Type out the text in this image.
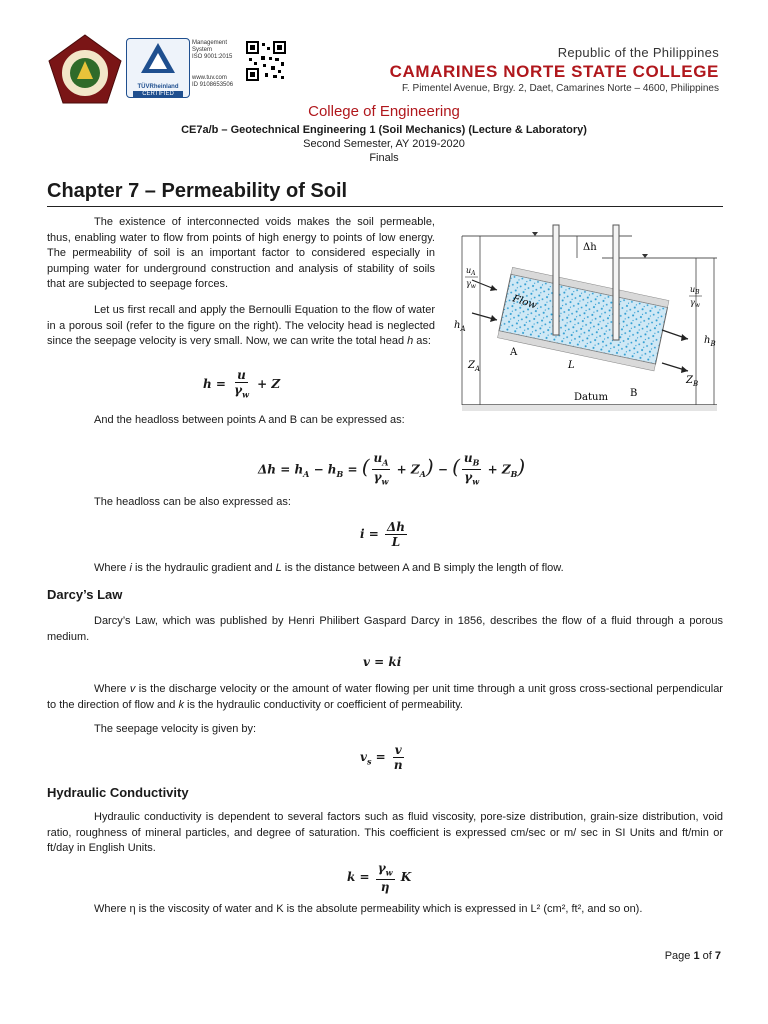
TÜVRheinland
CERTIFIED
Management
System
ISO 9001:2015
www.tuv.com
ID 9108653506
Republic of the Philippines
CAMARINES NORTE STATE COLLEGE
F. Pimentel Avenue, Brgy. 2, Daet, Camarines Norte – 4600, Philippines
College of Engineering
CE7a/b – Geotechnical Engineering 1 (Soil Mechanics) (Lecture & Laboratory)
Second Semester, AY 2019-2020
Finals
Chapter 7 – Permeability of Soil
The existence of interconnected voids makes the soil permeable, thus, enabling water to flow from points of high energy to points of low energy. The permeability of soil is an important factor to considered especially in pumping water for underground construction and analysis of stability of soils that are subjected to seepage forces.
Let us first recall and apply the Bernoulli Equation to the flow of water in a porous soil (refer to the figure on the right). The velocity head is neglected since the seepage velocity is very small. Now, we can write the total head h as:
$h = \frac{u}{\gamma_w} + Z$
And the headloss between points A and B can be expressed as:
$\Delta h = h_A - h_B$ = ( $\frac{u_A}{\gamma_w} + Z_A$) − ( $\frac{u_B}{\gamma_w} + Z_B$)
The headloss can be also expressed as:
$i = \frac{\Delta h}{L}$
Where i is the hydraulic gradient and L is the distance between A and B simply the length of flow.
Darcy’s Law
Darcy’s Law, which was published by Henri Philibert Gaspard Darcy in 1856, describes the flow of a fluid through a porous medium.
v = ki
Where v is the discharge velocity or the amount of water flowing per unit time through a unit gross cross-sectional perpendicular to the direction of flow and k is the hydraulic conductivity or coefficient of permeability.
The seepage velocity is given by:
$v_s = \frac{v}{n}$
Hydraulic Conductivity
Hydraulic conductivity is dependent to several factors such as fluid viscosity, pore-size distribution, grain-size distribution, void ratio, roughness of mineral particles, and degree of saturation. This coefficient is expressed cm/sec or m/ sec in SI Units and ft/min or ft/day in English Units.
$k = \frac{\gamma_w}{\eta}$ K
Where η is the viscosity of water and K is the absolute permeability which is expressed in L² (cm², ft², and so on).
Page 1 of 7
Δh
Flow
A
B
L
Datum
$h_A$
$Z_A$
$h_B$
$Z_B$
$u_A$
$\gamma_w$	$u_B$
$\gamma_w$
